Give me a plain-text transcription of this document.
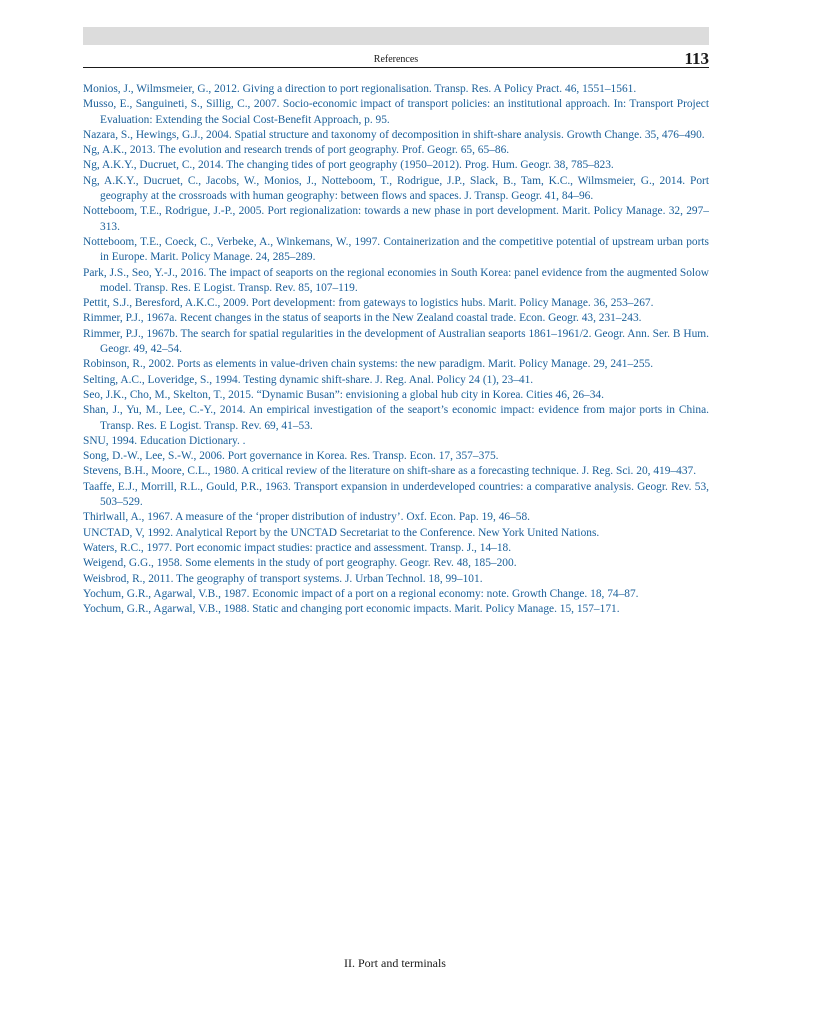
References	113
Monios, J., Wilmsmeier, G., 2012. Giving a direction to port regionalisation. Transp. Res. A Policy Pract. 46, 1551–1561.
Musso, E., Sanguineti, S., Sillig, C., 2007. Socio-economic impact of transport policies: an institutional approach. In: Transport Project Evaluation: Extending the Social Cost-Benefit Approach, p. 95.
Nazara, S., Hewings, G.J., 2004. Spatial structure and taxonomy of decomposition in shift-share analysis. Growth Change. 35, 476–490.
Ng, A.K., 2013. The evolution and research trends of port geography. Prof. Geogr. 65, 65–86.
Ng, A.K.Y., Ducruet, C., 2014. The changing tides of port geography (1950–2012). Prog. Hum. Geogr. 38, 785–823.
Ng, A.K.Y., Ducruet, C., Jacobs, W., Monios, J., Notteboom, T., Rodrigue, J.P., Slack, B., Tam, K.C., Wilmsmeier, G., 2014. Port geography at the crossroads with human geography: between flows and spaces. J. Transp. Geogr. 41, 84–96.
Notteboom, T.E., Rodrigue, J.-P., 2005. Port regionalization: towards a new phase in port development. Marit. Policy Manage. 32, 297–313.
Notteboom, T.E., Coeck, C., Verbeke, A., Winkemans, W., 1997. Containerization and the competitive potential of upstream urban ports in Europe. Marit. Policy Manage. 24, 285–289.
Park, J.S., Seo, Y.-J., 2016. The impact of seaports on the regional economies in South Korea: panel evidence from the augmented Solow model. Transp. Res. E Logist. Transp. Rev. 85, 107–119.
Pettit, S.J., Beresford, A.K.C., 2009. Port development: from gateways to logistics hubs. Marit. Policy Manage. 36, 253–267.
Rimmer, P.J., 1967a. Recent changes in the status of seaports in the New Zealand coastal trade. Econ. Geogr. 43, 231–243.
Rimmer, P.J., 1967b. The search for spatial regularities in the development of Australian seaports 1861–1961/2. Geogr. Ann. Ser. B Hum. Geogr. 49, 42–54.
Robinson, R., 2002. Ports as elements in value-driven chain systems: the new paradigm. Marit. Policy Manage. 29, 241–255.
Selting, A.C., Loveridge, S., 1994. Testing dynamic shift-share. J. Reg. Anal. Policy 24 (1), 23–41.
Seo, J.K., Cho, M., Skelton, T., 2015. “Dynamic Busan”: envisioning a global hub city in Korea. Cities 46, 26–34.
Shan, J., Yu, M., Lee, C.-Y., 2014. An empirical investigation of the seaport’s economic impact: evidence from major ports in China. Transp. Res. E Logist. Transp. Rev. 69, 41–53.
SNU, 1994. Education Dictionary. .
Song, D.-W., Lee, S.-W., 2006. Port governance in Korea. Res. Transp. Econ. 17, 357–375.
Stevens, B.H., Moore, C.L., 1980. A critical review of the literature on shift-share as a forecasting technique. J. Reg. Sci. 20, 419–437.
Taaffe, E.J., Morrill, R.L., Gould, P.R., 1963. Transport expansion in underdeveloped countries: a comparative analysis. Geogr. Rev. 53, 503–529.
Thirlwall, A., 1967. A measure of the ‘proper distribution of industry’. Oxf. Econ. Pap. 19, 46–58.
UNCTAD, V, 1992. Analytical Report by the UNCTAD Secretariat to the Conference. New York United Nations.
Waters, R.C., 1977. Port economic impact studies: practice and assessment. Transp. J., 14–18.
Weigend, G.G., 1958. Some elements in the study of port geography. Geogr. Rev. 48, 185–200.
Weisbrod, R., 2011. The geography of transport systems. J. Urban Technol. 18, 99–101.
Yochum, G.R., Agarwal, V.B., 1987. Economic impact of a port on a regional economy: note. Growth Change. 18, 74–87.
Yochum, G.R., Agarwal, V.B., 1988. Static and changing port economic impacts. Marit. Policy Manage. 15, 157–171.
II. Port and terminals
